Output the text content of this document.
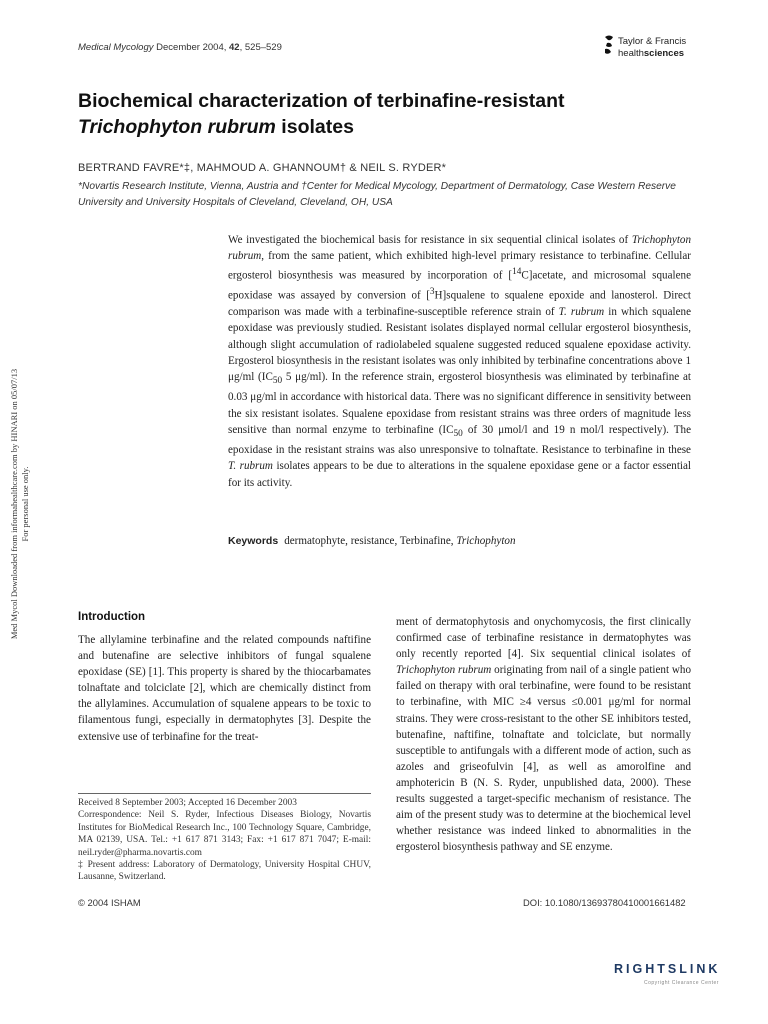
Medical Mycology December 2004, 42, 525–529
Taylor & Francis
healthsciences
Biochemical characterization of terbinafine-resistant
Trichophyton rubrum isolates
BERTRAND FAVRE*‡, MAHMOUD A. GHANNOUM† & NEIL S. RYDER*
*Novartis Research Institute, Vienna, Austria and †Center for Medical Mycology, Department of Dermatology, Case Western Reserve University and University Hospitals of Cleveland, Cleveland, OH, USA
Med Mycol Downloaded from informahealthcare.com by HINARI on 05/07/13 For personal use only.
We investigated the biochemical basis for resistance in six sequential clinical isolates of Trichophyton rubrum, from the same patient, which exhibited high-level primary resistance to terbinafine. Cellular ergosterol biosynthesis was measured by incorporation of [$^{14}$C]acetate, and microsomal squalene epoxidase was assayed by conversion of [$^3$H]squalene to squalene epoxide and lanosterol. Direct comparison was made with a terbinafine-susceptible reference strain of T. rubrum in which squalene epoxidase was previously studied. Resistant isolates displayed normal cellular ergosterol biosynthesis, although slight accumulation of radiolabeled squalene suggested reduced squalene epoxidase activity. Ergosterol biosynthesis in the resistant isolates was only inhibited by terbinafine concentrations above 1 μg/ml ($IC_{50}$ 5 μg/ml). In the reference strain, ergosterol biosynthesis was eliminated by terbinafine at 0.03 μg/ml in accordance with historical data. There was no significant difference in sensitivity between the six resistant isolates. Squalene epoxidase from resistant strains was three orders of magnitude less sensitive than normal enzyme to terbinafine ($IC_{50}$ of 30 μmol/l and 19 n mol/l respectively). The epoxidase in the resistant strains was also unresponsive to tolnaftate. Resistance to terbinafine in these T. rubrum isolates appears to be due to alterations in the squalene epoxidase gene or a factor essential for its activity.
Keywords dermatophyte, resistance, Terbinafine, Trichophyton
Introduction
The allylamine terbinafine and the related compounds naftifine and butenafine are selective inhibitors of fungal squalene epoxidase (SE) [1]. This property is shared by the thiocarbamates tolnaftate and tolciclate [2], which are chemically distinct from the allylamines. Accumulation of squalene appears to be toxic to filamentous fungi, especially in dermatophytes [3]. Despite the extensive use of terbinafine for the treat-
ment of dermatophytosis and onychomycosis, the first clinically confirmed case of terbinafine resistance in dermatophytes was only recently reported [4]. Six sequential clinical isolates of Trichophyton rubrum originating from nail of a single patient who failed on therapy with oral terbinafine, were found to be resistant to terbinafine, with MIC ≥4 versus ≤0.001 μg/ml for normal strains. They were cross-resistant to the other SE inhibitors tested, butenafine, naftifine, tolnaftate and tolciclate, but normally susceptible to antifungals with a different mode of action, such as azoles and griseofulvin [4], as well as amorolfine and amphotericin B (N. S. Ryder, unpublished data, 2000). These results suggested a target-specific mechanism of resistance. The aim of the present study was to determine at the biochemical level whether resistance was indeed linked to abnormalities in the ergosterol biosynthesis pathway and SE enzyme.

Received 8 September 2003; Accepted 16 December 2003

Correspondence: Neil S. Ryder, Infectious Diseases Biology, Novartis Institutes for BioMedical Research Inc., 100 Technology Square, Cambridge, MA 02139, USA. Tel.: +1 617 871 3143; Fax: +1 617 871 7047; E-mail: neil.ryder@pharma.novartis.com

‡ Present address: Laboratory of Dermatology, University Hospital CHUV, Lausanne, Switzerland.

© 2004 ISHAM	DOI: 10.1080/13693780410001661482
RIGHTSLINK
Copyright Clearance Center
